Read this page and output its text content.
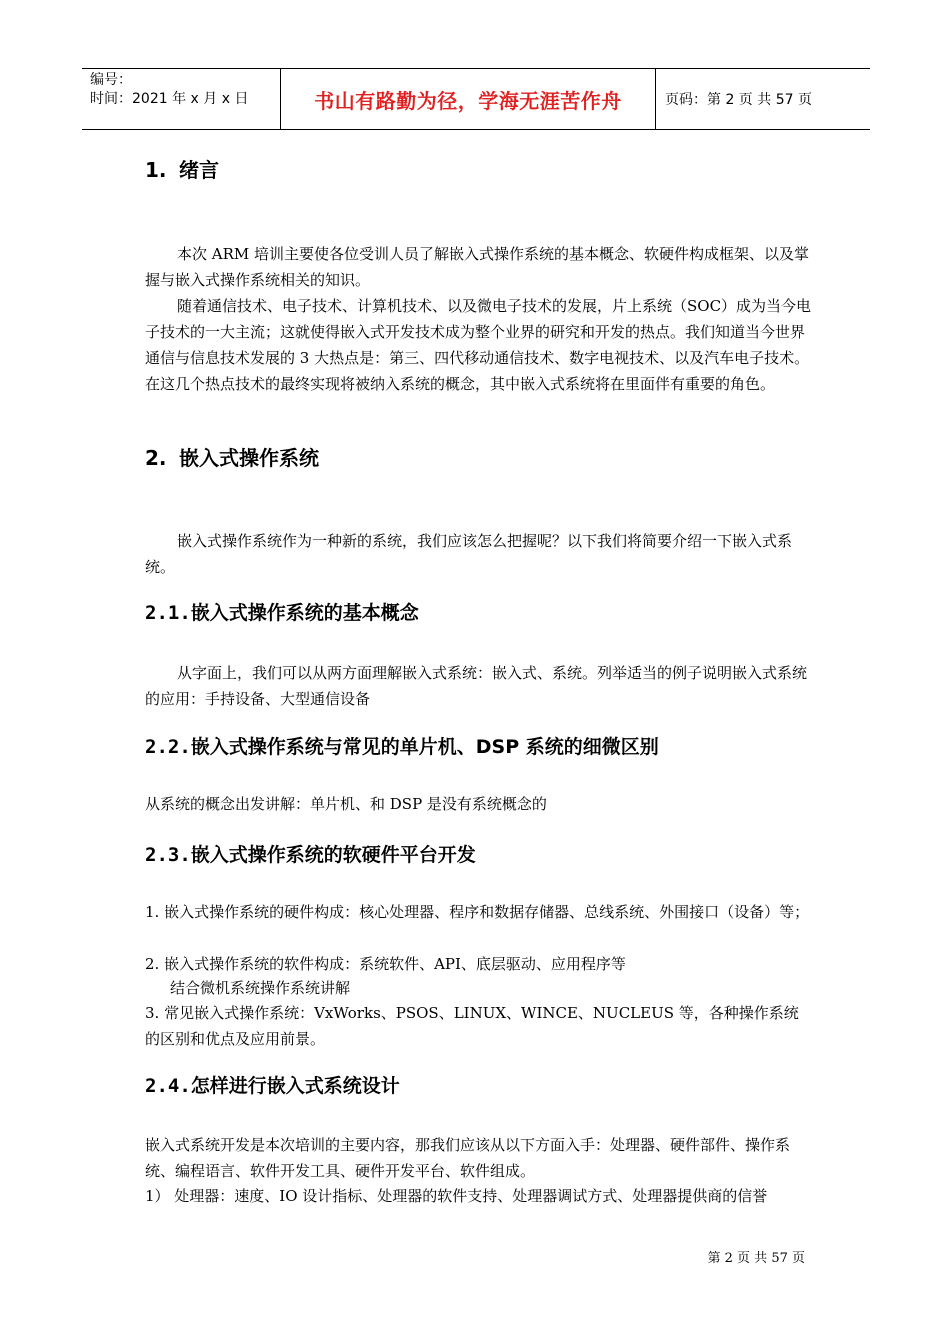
编号：
时间：2021 年 x 月 x 日	书山有路勤为径，学海无涯苦作舟	页码：第 2 页 共 57 页
1. 绪言
本次 ARM 培训主要使各位受训人员了解嵌入式操作系统的基本概念、软硬件构成框架、以及掌握与嵌入式操作系统相关的知识。
随着通信技术、电子技术、计算机技术、以及微电子技术的发展，片上系统（SOC）成为当今电子技术的一大主流；这就使得嵌入式开发技术成为整个业界的研究和开发的热点。我们知道当今世界通信与信息技术发展的 3 大热点是：第三、四代移动通信技术、数字电视技术、以及汽车电子技术。在这几个热点技术的最终实现将被纳入系统的概念，其中嵌入式系统将在里面伴有重要的角色。
2. 嵌入式操作系统
嵌入式操作系统作为一种新的系统，我们应该怎么把握呢？以下我们将简要介绍一下嵌入式系统。
2.1.嵌入式操作系统的基本概念
从字面上，我们可以从两方面理解嵌入式系统：嵌入式、系统。列举适当的例子说明嵌入式系统的应用：手持设备、大型通信设备
2.2.嵌入式操作系统与常见的单片机、DSP 系统的细微区别
从系统的概念出发讲解：单片机、和 DSP 是没有系统概念的
2.3.嵌入式操作系统的软硬件平台开发
1. 嵌入式操作系统的硬件构成：核心处理器、程序和数据存储器、总线系统、外围接口（设备）等；
2. 嵌入式操作系统的软件构成：系统软件、API、底层驱动、应用程序等
结合微机系统操作系统讲解
3. 常见嵌入式操作系统：VxWorks、PSOS、LINUX、WINCE、NUCLEUS 等，各种操作系统的区别和优点及应用前景。
2.4.怎样进行嵌入式系统设计
嵌入式系统开发是本次培训的主要内容，那我们应该从以下方面入手：处理器、硬件部件、操作系统、编程语言、软件开发工具、硬件开发平台、软件组成。
1） 处理器：速度、IO 设计指标、处理器的软件支持、处理器调试方式、处理器提供商的信誉
第 2 页 共 57 页
